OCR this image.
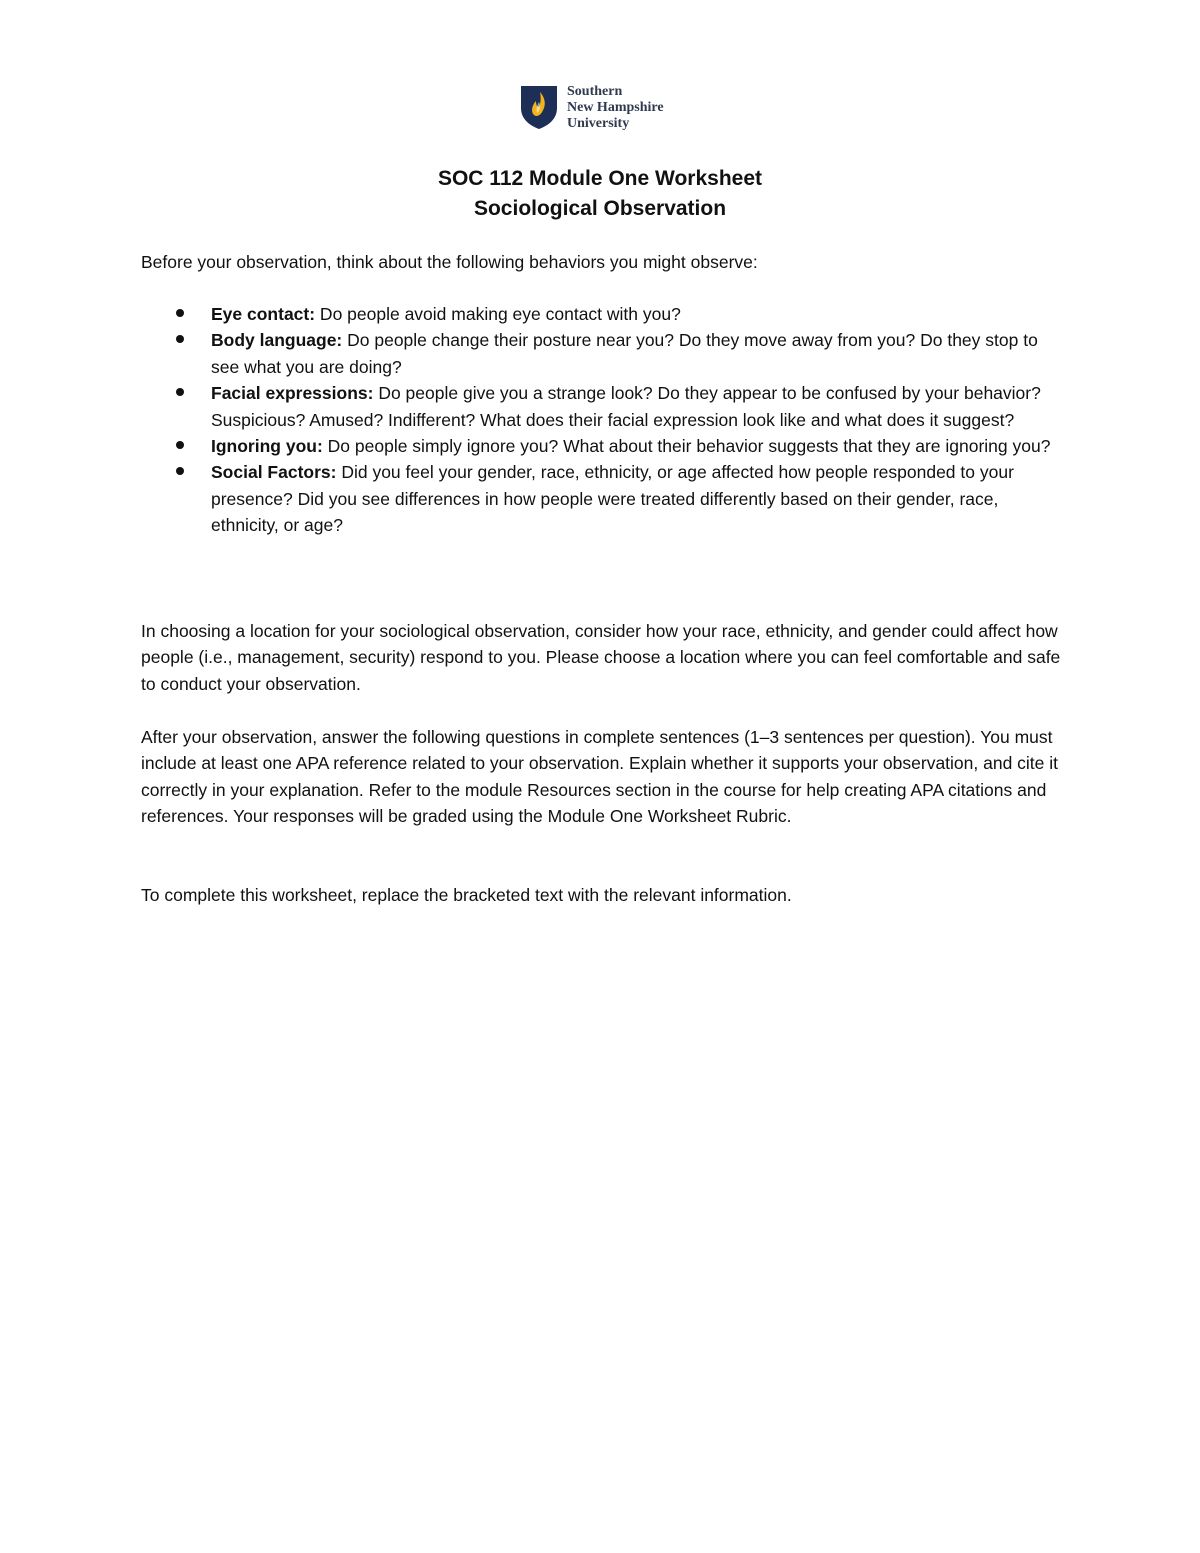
Southern
New Hampshire
University
SOC 112 Module One Worksheet
Sociological Observation

Before your observation, think about the following behaviors you might observe:

Eye contact: Do people avoid making eye contact with you?
Body language: Do people change their posture near you? Do they move away from you? Do they stop to see what you are doing?
Facial expressions: Do people give you a strange look? Do they appear to be confused by your behavior? Suspicious? Amused? Indifferent? What does their facial expression look like and what does it suggest?
Ignoring you: Do people simply ignore you? What about their behavior suggests that they are ignoring you?
Social Factors: Did you feel your gender, race, ethnicity, or age affected how people responded to your presence? Did you see differences in how people were treated differently based on their gender, race, ethnicity, or age?

In choosing a location for your sociological observation, consider how your race, ethnicity, and gender could affect how people (i.e., management, security) respond to you. Please choose a location where you can feel comfortable and safe to conduct your observation.

After your observation, answer the following questions in complete sentences (1–3 sentences per question). You must include at least one APA reference related to your observation. Explain whether it supports your observation, and cite it correctly in your explanation. Refer to the module Resources section in the course for help creating APA citations and references. Your responses will be graded using the Module One Worksheet Rubric.

To complete this worksheet, replace the bracketed text with the relevant information.
